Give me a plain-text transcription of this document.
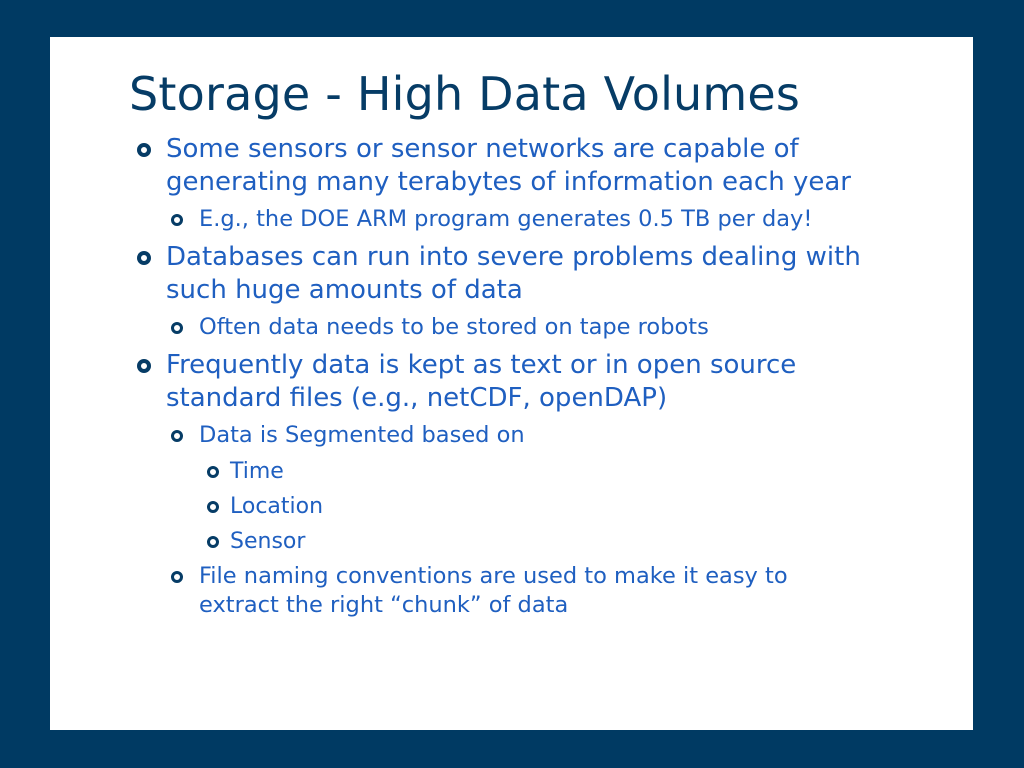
Storage - High Data Volumes
Some sensors or sensor networks are capable of generating many terabytes of information each year
E.g., the DOE ARM program generates 0.5 TB per day!
Databases can run into severe problems dealing with such huge amounts of data
Often data needs to be stored on tape robots
Frequently data is kept as text or in open source standard files (e.g., netCDF, openDAP)
Data is Segmented based on
Time
Location
Sensor
File naming conventions are used to make it easy to extract the right “chunk” of data
